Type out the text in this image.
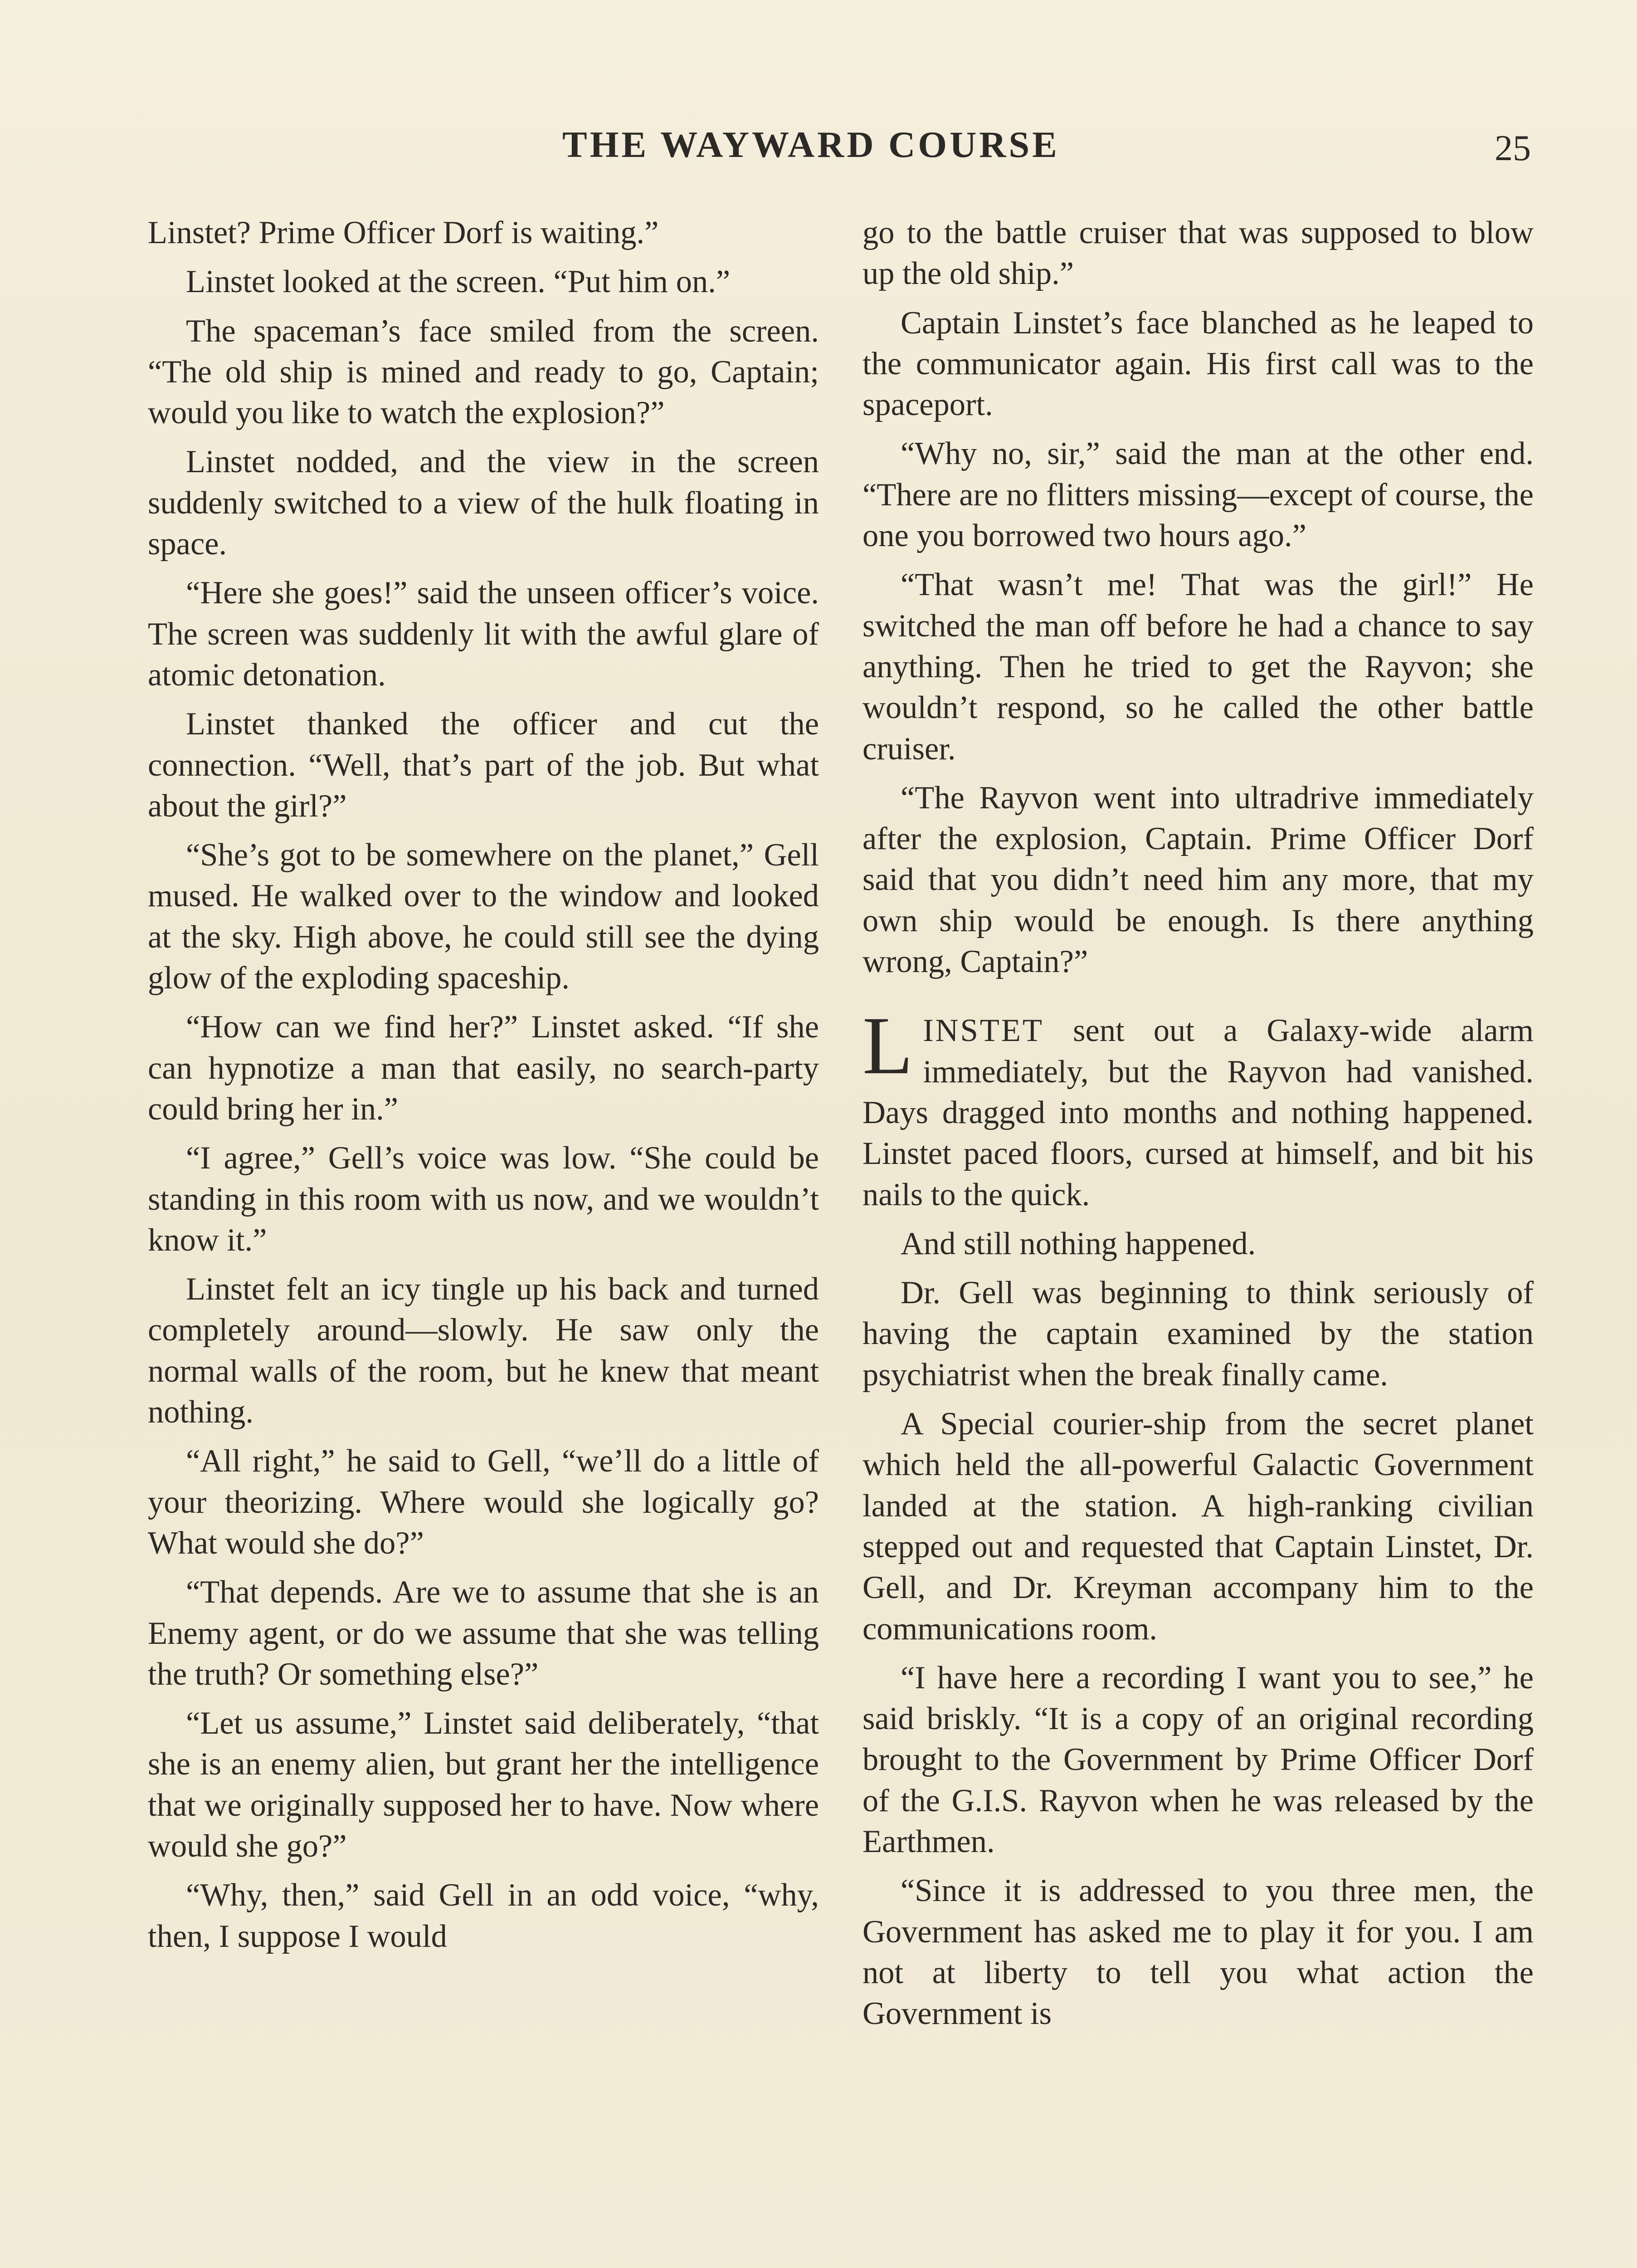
THE WAYWARD COURSE	25

Linstet? Prime Officer Dorf is waiting.”

Linstet looked at the screen. “Put him on.”

The spaceman’s face smiled from the screen. “The old ship is mined and ready to go, Captain; would you like to watch the explosion?”

Linstet nodded, and the view in the screen suddenly switched to a view of the hulk floating in space.

“Here she goes!” said the unseen officer’s voice. The screen was suddenly lit with the awful glare of atomic detonation.

Linstet thanked the officer and cut the connection. “Well, that’s part of the job. But what about the girl?”

“She’s got to be somewhere on the planet,” Gell mused. He walked over to the window and looked at the sky. High above, he could still see the dying glow of the exploding spaceship.

“How can we find her?” Linstet asked. “If she can hypnotize a man that easily, no search-party could bring her in.”

“I agree,” Gell’s voice was low. “She could be standing in this room with us now, and we wouldn’t know it.”

Linstet felt an icy tingle up his back and turned completely around—slowly. He saw only the normal walls of the room, but he knew that meant nothing.

“All right,” he said to Gell, “we’ll do a little of your theorizing. Where would she logically go? What would she do?”

“That depends. Are we to assume that she is an Enemy agent, or do we assume that she was telling the truth? Or something else?”

“Let us assume,” Linstet said deliberately, “that she is an enemy alien, but grant her the intelligence that we originally supposed her to have. Now where would she go?”

“Why, then,” said Gell in an odd voice, “why, then, I suppose I would

go to the battle cruiser that was supposed to blow up the old ship.”

Captain Linstet’s face blanched as he leaped to the communicator again. His first call was to the spaceport.

“Why no, sir,” said the man at the other end. “There are no flitters missing—except of course, the one you borrowed two hours ago.”

“That wasn’t me! That was the girl!” He switched the man off before he had a chance to say anything. Then he tried to get the Rayvon; she wouldn’t respond, so he called the other battle cruiser.

“The Rayvon went into ultradrive immediately after the explosion, Captain. Prime Officer Dorf said that you didn’t need him any more, that my own ship would be enough. Is there anything wrong, Captain?”

LINSTET sent out a Galaxy-wide alarm immediately, but the Rayvon had vanished. Days dragged into months and nothing happened. Linstet paced floors, cursed at himself, and bit his nails to the quick.

And still nothing happened.

Dr. Gell was beginning to think seriously of having the captain examined by the station psychiatrist when the break finally came.

A Special courier-ship from the secret planet which held the all-powerful Galactic Government landed at the station. A high-ranking civilian stepped out and requested that Captain Linstet, Dr. Gell, and Dr. Kreyman accompany him to the communications room.

“I have here a recording I want you to see,” he said briskly. “It is a copy of an original recording brought to the Government by Prime Officer Dorf of the G.I.S. Rayvon when he was released by the Earthmen.

“Since it is addressed to you three men, the Government has asked me to play it for you. I am not at liberty to tell you what action the Government is
